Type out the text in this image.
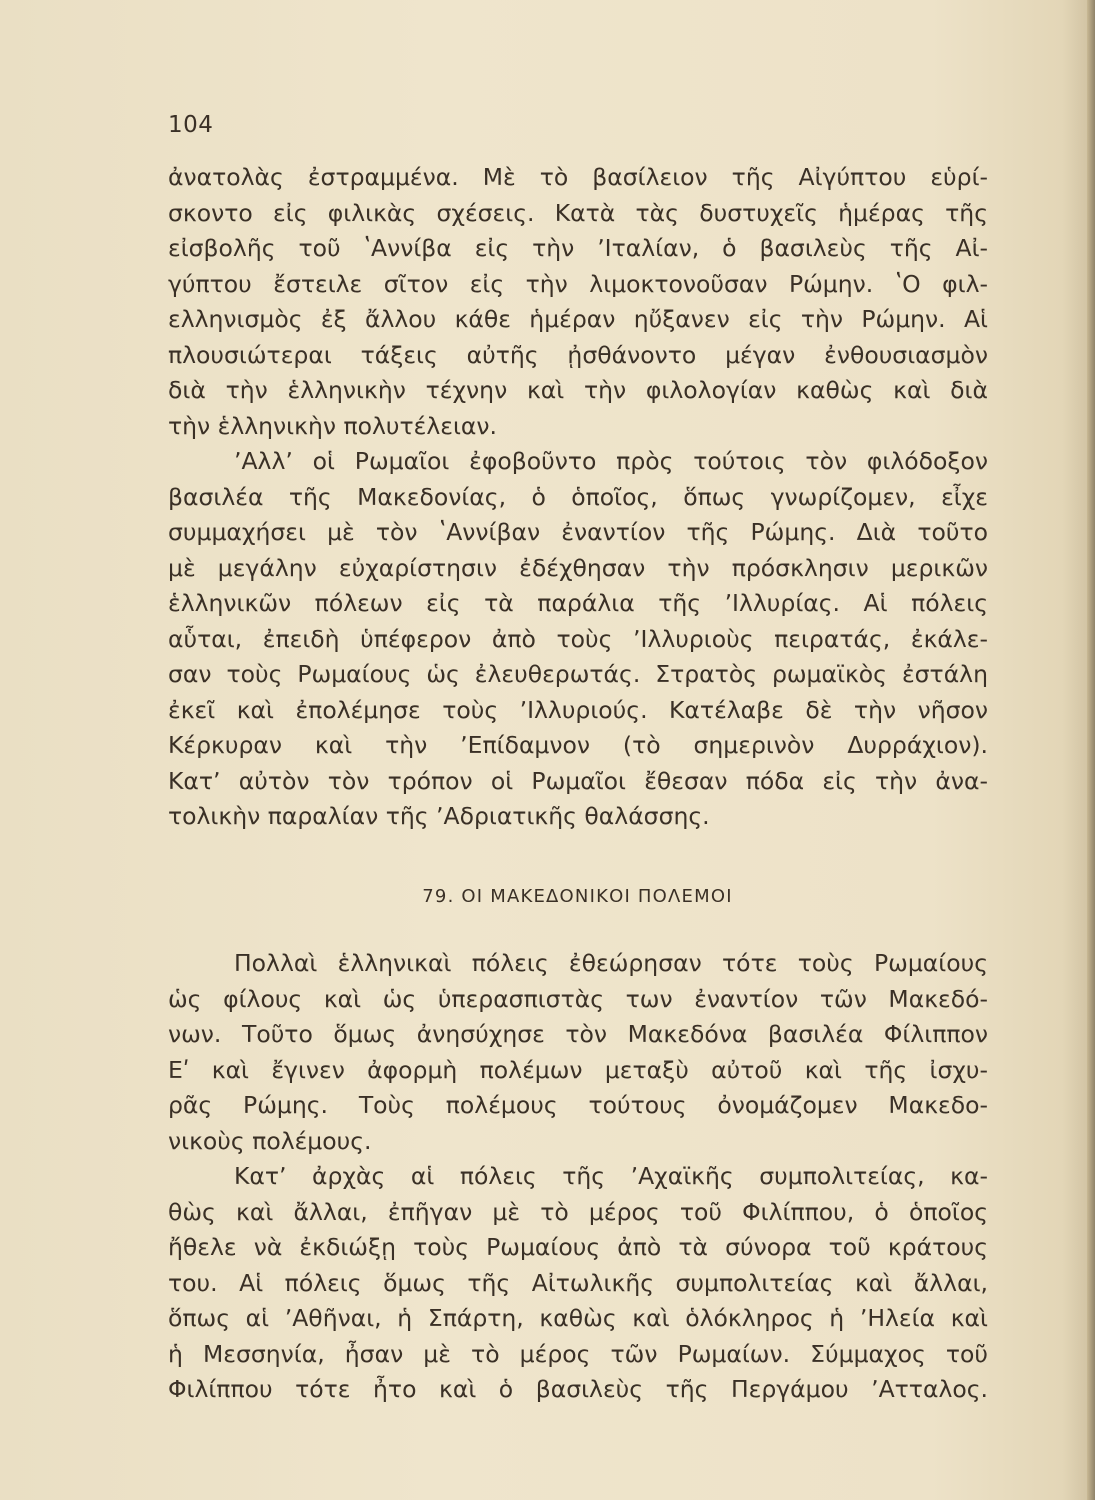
104
ἀνατολὰς ἐστραμμένα. Μὲ τὸ βασίλειον τῆς Αἰγύπτου εὑρί-
σκοντο εἰς φιλικὰς σχέσεις. Κατὰ τὰς δυστυχεῖς ἡμέρας τῆς
εἰσβολῆς τοῦ ʽΑννίβα εἰς τὴν ʼΙταλίαν, ὁ βασιλεὺς τῆς Αἰ-
γύπτου ἔστειλε σῖτον εἰς τὴν λιμοκτονοῦσαν Ρώμην. ʽΟ φιλ-
ελληνισμὸς ἐξ ἄλλου κάθε ἡμέραν ηὔξανεν εἰς τὴν Ρώμην. Αἱ
πλουσιώτεραι τάξεις αὐτῆς ᾐσθάνοντο μέγαν ἐνθουσιασμὸν
διὰ τὴν ἑλληνικὴν τέχνην καὶ τὴν φιλολογίαν καθὼς καὶ διὰ
τὴν ἑλληνικὴν πολυτέλειαν.
ʼΑλλʼ οἱ Ρωμαῖοι ἐφοβοῦντο πρὸς τούτοις τὸν φιλόδοξον
βασιλέα τῆς Μακεδονίας, ὁ ὁποῖος, ὅπως γνωρίζομεν, εἶχε
συμμαχήσει μὲ τὸν ʽΑννίβαν ἐναντίον τῆς Ρώμης. Διὰ τοῦτο
μὲ μεγάλην εὐχαρίστησιν ἐδέχθησαν τὴν πρόσκλησιν μερικῶν
ἑλληνικῶν πόλεων εἰς τὰ παράλια τῆς ʼΙλλυρίας. Αἱ πόλεις
αὗται, ἐπειδὴ ὑπέφερον ἀπὸ τοὺς ʼΙλλυριοὺς πειρατάς, ἐκάλε-
σαν τοὺς Ρωμαίους ὡς ἐλευθερωτάς. Στρατὸς ρωμαϊκὸς ἐστάλη
ἐκεῖ καὶ ἐπολέμησε τοὺς ʼΙλλυριούς. Κατέλαβε δὲ τὴν νῆσον
Κέρκυραν καὶ τὴν ʼΕπίδαμνον (τὸ σημερινὸν Δυρράχιον).
Κατʼ αὐτὸν τὸν τρόπον οἱ Ρωμαῖοι ἔθεσαν πόδα εἰς τὴν ἀνα-
τολικὴν παραλίαν τῆς ʼΑδριατικῆς θαλάσσης.
79. ΟΙ ΜΑΚΕΔΟΝΙΚΟΙ ΠΟΛΕΜΟΙ
Πολλαὶ ἑλληνικαὶ πόλεις ἐθεώρησαν τότε τοὺς Ρωμαίους
ὡς φίλους καὶ ὡς ὑπερασπιστὰς των ἐναντίον τῶν Μακεδό-
νων. Τοῦτο ὅμως ἀνησύχησε τὸν Μακεδόνα βασιλέα Φίλιππον
Εʹ καὶ ἔγινεν ἀφορμὴ πολέμων μεταξὺ αὐτοῦ καὶ τῆς ἰσχυ-
ρᾶς Ρώμης. Τοὺς πολέμους τούτους ὀνομάζομεν Μακεδο-
νικοὺς πολέμους.
Κατʼ ἀρχὰς αἱ πόλεις τῆς ʼΑχαϊκῆς συμπολιτείας, κα-
θὼς καὶ ἄλλαι, ἐπῆγαν μὲ τὸ μέρος τοῦ Φιλίππου, ὁ ὁποῖος
ἤθελε νὰ ἐκδιώξῃ τοὺς Ρωμαίους ἀπὸ τὰ σύνορα τοῦ κράτους
του. Αἱ πόλεις ὅμως τῆς Αἰτωλικῆς συμπολιτείας καὶ ἄλλαι,
ὅπως αἱ ʼΑθῆναι, ἡ Σπάρτη, καθὼς καὶ ὁλόκληρος ἡ ʼΗλεία καὶ
ἡ Μεσσηνία, ἦσαν μὲ τὸ μέρος τῶν Ρωμαίων. Σύμμαχος τοῦ
Φιλίππου τότε ἦτο καὶ ὁ βασιλεὺς τῆς Περγάμου ʼΑτταλος.
